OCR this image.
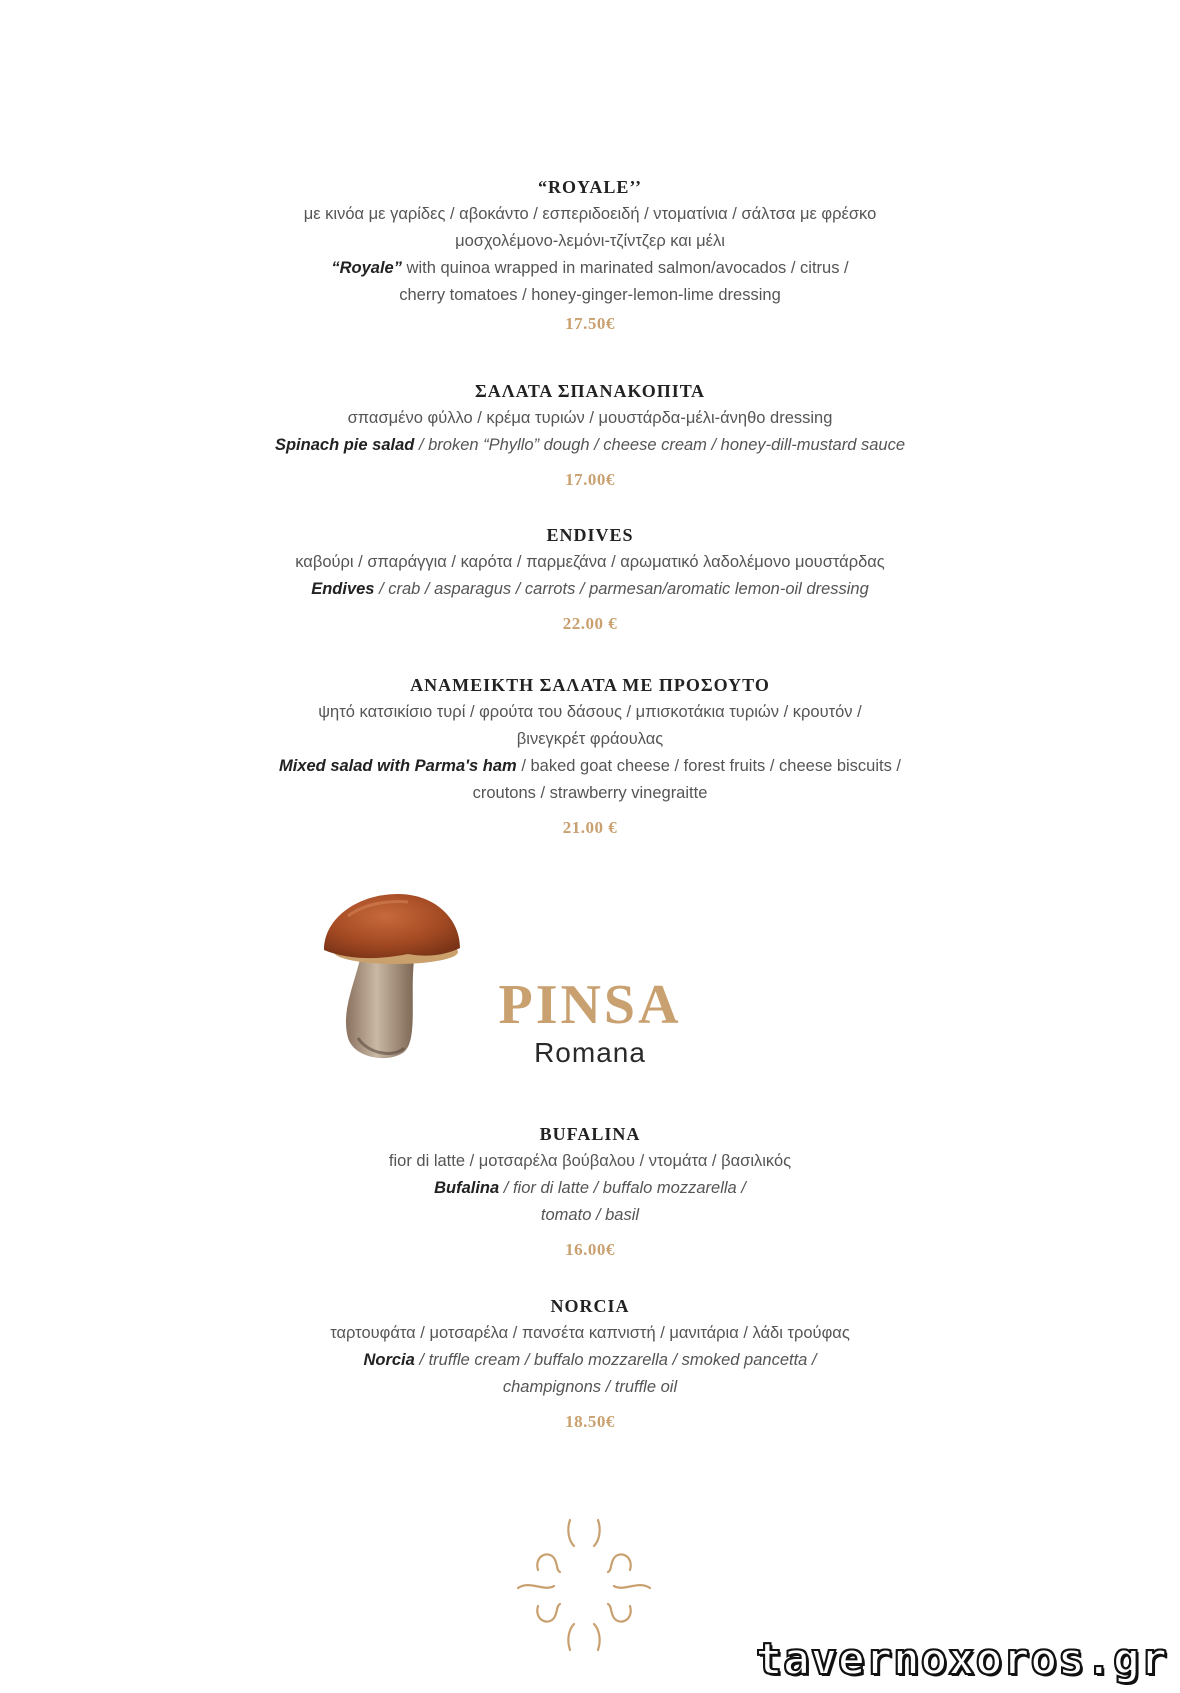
“ROYALE’’
με κινόα με γαρίδες / αβοκάντο / εσπεριδοειδή / ντοματίνια / σάλτσα με φρέσκο
μοσχολέμονο-λεμόνι-τζίντζερ και μέλι
“Royale” with quinoa wrapped in marinated salmon/avocados / citrus /
cherry tomatoes / honey-ginger-lemon-lime dressing
17.50€
ΣΑΛΑΤΑ ΣΠΑΝΑΚΟΠΙΤΑ
σπασμένο φύλλο / κρέμα τυριών / μουστάρδα-μέλι-άνηθο dressing
Spinach pie salad / broken “Phyllo” dough / cheese cream / honey-dill-mustard sauce
17.00€
ENDIVES
καβούρι / σπαράγγια / καρότα / παρμεζάνα / αρωματικό λαδολέμονο μουστάρδας
Endives / crab / asparagus / carrots / parmesan/aromatic lemon-oil dressing
22.00 €
ΑΝΑΜΕΙΚΤΗ ΣΑΛΑΤΑ ΜΕ ΠΡΟΣΟΥΤΟ
ψητό κατσικίσιο τυρί / φρούτα του δάσους / μπισκοτάκια τυριών / κρουτόν /
βινεγκρέτ φράουλας
Mixed salad with Parma's ham / baked goat cheese / forest fruits / cheese biscuits /
croutons / strawberry vinegraitte
21.00 €
PINSA
Romana
BUFALINA
fior di latte / μοτσαρέλα βούβαλου / ντομάτα / βασιλικός
Bufalina / fior di latte / buffalo mozzarella /
tomato / basil
16.00€
NORCIA
ταρτουφάτα / μοτσαρέλα / πανσέτα καπνιστή / μανιτάρια / λάδι τρούφας
Norcia / truffle cream / buffalo mozzarella / smoked pancetta /
champignons / truffle oil
18.50€
tavernoxoros.gr
